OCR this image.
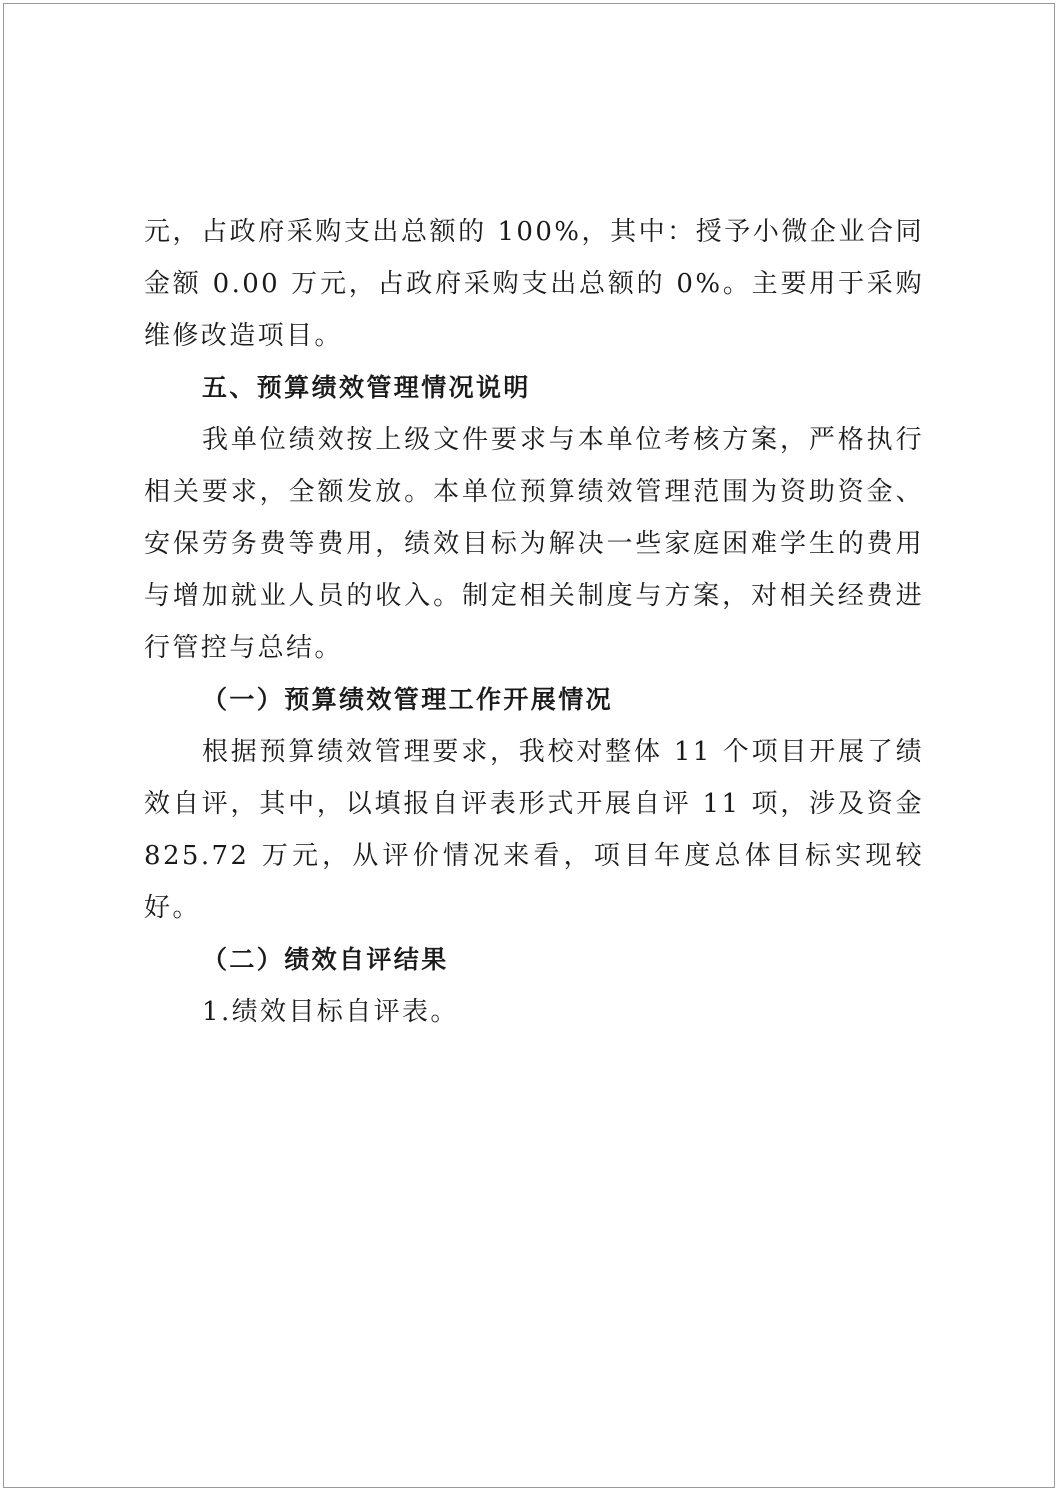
元，占政府采购支出总额的 100%，其中：授予小微企业合同金额 0.00 万元，占政府采购支出总额的 0%。主要用于采购维修改造项目。

五、预算绩效管理情况说明

我单位绩效按上级文件要求与本单位考核方案，严格执行相关要求，全额发放。本单位预算绩效管理范围为资助资金、安保劳务费等费用，绩效目标为解决一些家庭困难学生的费用与增加就业人员的收入。制定相关制度与方案，对相关经费进行管控与总结。

（一）预算绩效管理工作开展情况

根据预算绩效管理要求，我校对整体 11 个项目开展了绩效自评，其中，以填报自评表形式开展自评 11 项，涉及资金825.72 万元，从评价情况来看，项目年度总体目标实现较好。

（二）绩效自评结果

1.绩效目标自评表。
